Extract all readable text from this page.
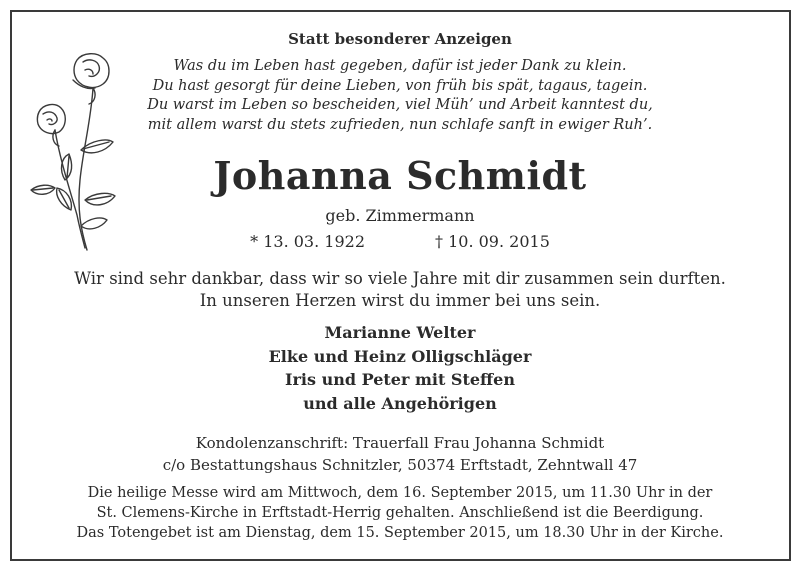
Statt besonderer Anzeigen
Was du im Leben hast gegeben, dafür ist jeder Dank zu klein.
Du hast gesorgt für deine Lieben, von früh bis spät, tagaus, tagein.
Du warst im Leben so bescheiden, viel Müh’ und Arbeit kanntest du,
mit allem warst du stets zufrieden, nun schlafe sanft in ewiger Ruh’.
Johanna Schmidt
geb. Zimmermann
* 13. 03. 1922	† 10. 09. 2015
Wir sind sehr dankbar, dass wir so viele Jahre mit dir zusammen sein durften.
In unseren Herzen wirst du immer bei uns sein.
Marianne Welter
Elke und Heinz Olligschläger
Iris und Peter mit Steffen
und alle Angehörigen
Kondolenzanschrift: Trauerfall Frau Johanna Schmidt
c/o Bestattungshaus Schnitzler, 50374 Erftstadt, Zehntwall 47
Die heilige Messe wird am Mittwoch, dem 16. September 2015, um 11.30 Uhr in der
St. Clemens-Kirche in Erftstadt-Herrig gehalten. Anschließend ist die Beerdigung.
Das Totengebet ist am Dienstag, dem 15. September 2015, um 18.30 Uhr in der Kirche.
